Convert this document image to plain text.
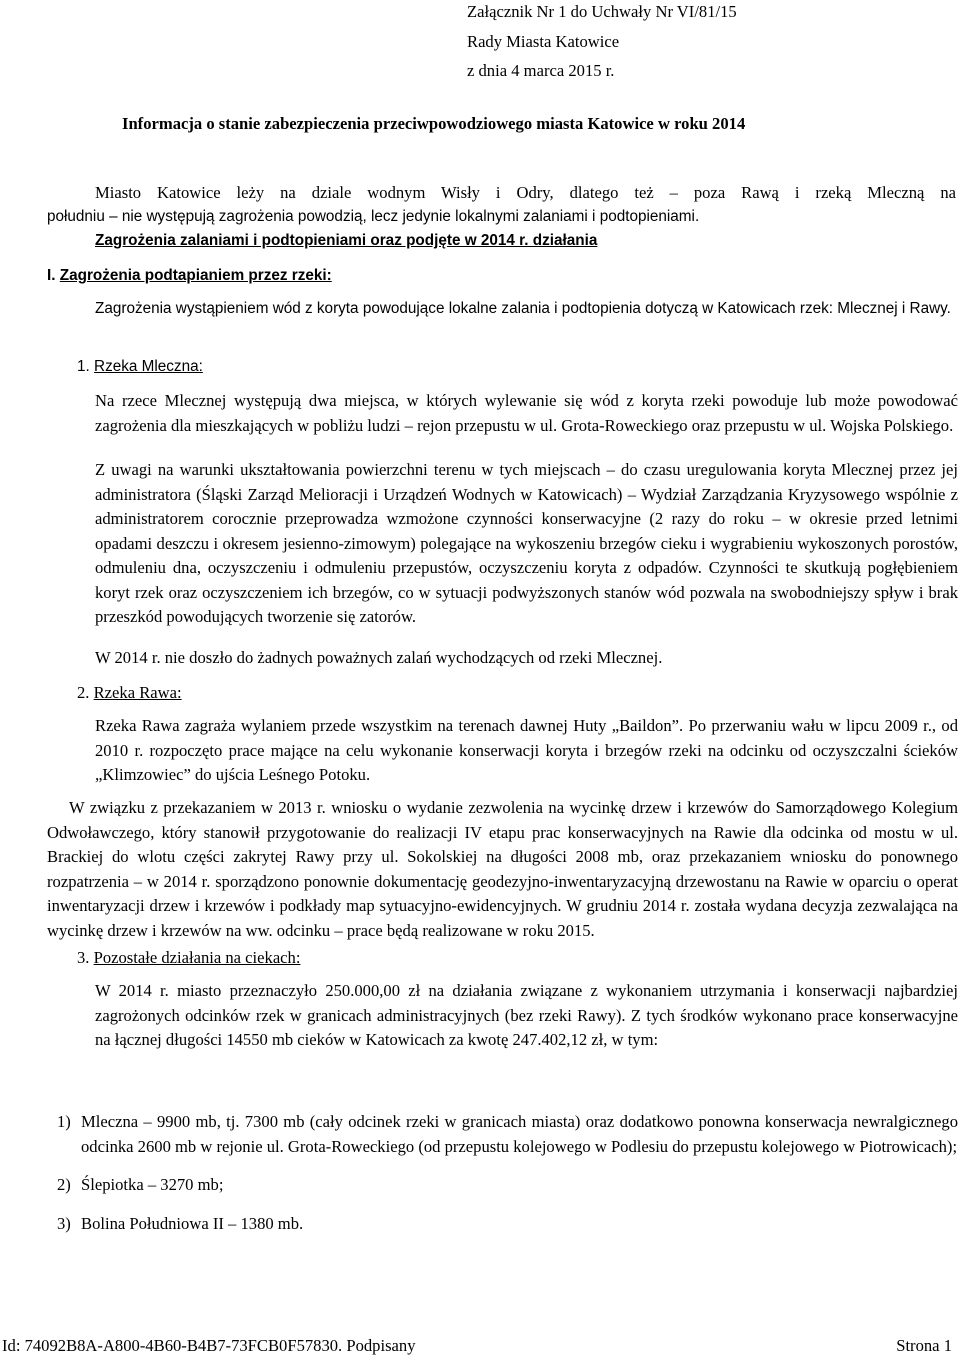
Załącznik Nr 1 do Uchwały Nr VI/81/15
Rady Miasta Katowice
z dnia 4 marca 2015 r.
Informacja o stanie zabezpieczenia przeciwpowodziowego miasta Katowice w roku 2014
Miasto Katowice leży na dziale wodnym Wisły i Odry, dlatego też – poza Rawą i rzeką Mleczną na
południu – nie występują zagrożenia powodzią, lecz jedynie lokalnymi zalaniami i podtopieniami.
Zagrożenia zalaniami i podtopieniami oraz podjęte w 2014 r. działania
I. Zagrożenia podtapianiem przez rzeki:
Zagrożenia wystąpieniem wód z koryta powodujące lokalne zalania i podtopienia dotyczą w Katowicach rzek: Mlecznej i Rawy.
1. Rzeka Mleczna:
Na rzece Mlecznej występują dwa miejsca, w których wylewanie się wód z koryta rzeki powoduje lub może powodować zagrożenia dla mieszkających w pobliżu ludzi – rejon przepustu w ul. Grota-Roweckiego oraz przepustu w ul. Wojska Polskiego.
Z uwagi na warunki ukształtowania powierzchni terenu w tych miejscach – do czasu uregulowania koryta Mlecznej przez jej administratora (Śląski Zarząd Melioracji i Urządzeń Wodnych w Katowicach) – Wydział Zarządzania Kryzysowego wspólnie z administratorem corocznie przeprowadza wzmożone czynności konserwacyjne (2 razy do roku – w okresie przed letnimi opadami deszczu i okresem jesienno-zimowym) polegające na wykoszeniu brzegów cieku i wygrabieniu wykoszonych porostów, odmuleniu dna, oczyszczeniu i odmuleniu przepustów, oczyszczeniu koryta z odpadów. Czynności te skutkują pogłębieniem koryt rzek oraz oczyszczeniem ich brzegów, co w sytuacji podwyższonych stanów wód pozwala na swobodniejszy spływ i brak przeszkód powodujących tworzenie się zatorów.
W 2014 r. nie doszło do żadnych poważnych zalań wychodzących od rzeki Mlecznej.
2. Rzeka Rawa:
Rzeka Rawa zagraża wylaniem przede wszystkim na terenach dawnej Huty „Baildon”. Po przerwaniu wału w lipcu 2009 r., od 2010 r. rozpoczęto prace mające na celu wykonanie konserwacji koryta i brzegów rzeki na odcinku od oczyszczalni ścieków „Klimzowiec” do ujścia Leśnego Potoku.
W związku z przekazaniem w 2013 r. wniosku o wydanie zezwolenia na wycinkę drzew i krzewów do Samorządowego Kolegium Odwoławczego, który stanowił przygotowanie do realizacji IV etapu prac konserwacyjnych na Rawie dla odcinka od mostu w ul. Brackiej do wlotu części zakrytej Rawy przy ul. Sokolskiej na długości 2008 mb, oraz przekazaniem wniosku do ponownego rozpatrzenia – w 2014 r. sporządzono ponownie dokumentację geodezyjno-inwentaryzacyjną drzewostanu na Rawie w oparciu o operat inwentaryzacji drzew i krzewów i podkłady map sytuacyjno-ewidencyjnych. W grudniu 2014 r. została wydana decyzja zezwalająca na wycinkę drzew i krzewów na ww. odcinku – prace będą realizowane w roku 2015.
3. Pozostałe działania na ciekach:
W 2014 r. miasto przeznaczyło 250.000,00 zł na działania związane z wykonaniem utrzymania i konserwacji najbardziej zagrożonych odcinków rzek w granicach administracyjnych (bez rzeki Rawy). Z tych środków wykonano prace konserwacyjne na łącznej długości 14550 mb cieków w Katowicach za kwotę 247.402,12 zł, w tym:
1) Mleczna – 9900 mb, tj. 7300 mb (cały odcinek rzeki w granicach miasta) oraz dodatkowo ponowna konserwacja newralgicznego odcinka 2600 mb w rejonie ul. Grota-Roweckiego (od przepustu kolejowego w Podlesiu do przepustu kolejowego w Piotrowicach);
2) Ślepiotka – 3270 mb;
3) Bolina Południowa II – 1380 mb.
Id: 74092B8A-A800-4B60-B4B7-73FCB0F57830. Podpisany	Strona 1
